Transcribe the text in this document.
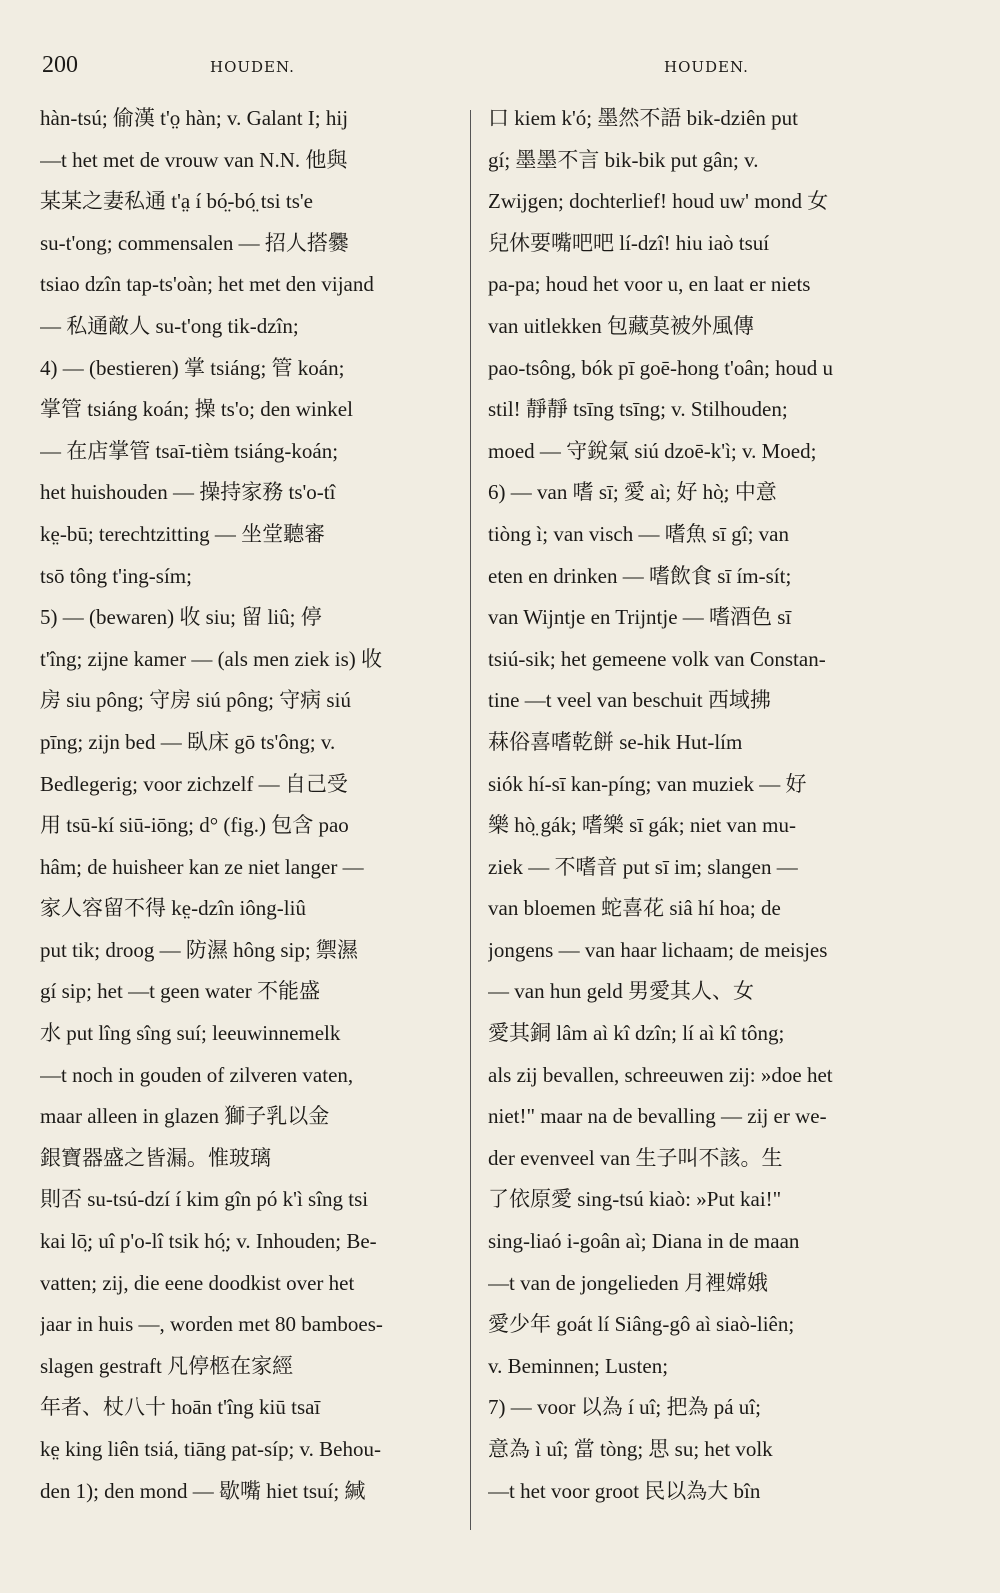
200	HOUDEN.	HOUDEN.
hàn-tsú; 偷漢 t'o̤ hàn; v. Galant I; hij
—t het met de vrouw van N.N. 他與
某某之妻私通 t'a̤ í bó̤-bó̤ tsi ts'e
su-t'ong; commensalen — 招人搭爨
tsiao dzîn tap-ts'oàn; het met den vijand
— 私通敵人 su-t'ong tik-dzîn;
4) — (bestieren) 掌 tsiáng; 管 koán;
掌管 tsiáng koán; 操 ts'o; den winkel
— 在店掌管 tsaī-tièm tsiáng-koán;
het huishouden — 操持家務 ts'o-tî
ke̤-bū; terechtzitting — 坐堂聽審
tsō tông t'ing-sím;
5) — (bewaren) 收 siu; 留 liû; 停
t'îng; zijne kamer — (als men ziek is) 收
房 siu pông; 守房 siú pông; 守病 siú
pīng; zijn bed — 臥床 gō ts'ông; v.
Bedlegerig; voor zichzelf — 自己受
用 tsū-kí siū-iōng; d° (fig.) 包含 pao
hâm; de huisheer kan ze niet langer —
家人容留不得 ke̤-dzîn iông-liû
put tik; droog — 防濕 hông sip; 禦濕
gí sip; het —t geen water 不能盛
水 put lîng sîng suí; leeuwinnemelk
—t noch in gouden of zilveren vaten,
maar alleen in glazen 獅子乳以金
銀寶器盛之皆漏。惟玻璃
則否 su-tsú-dzí í kim gîn pó k'ì sîng tsi
kai lō̤; uî p'o-lî tsik hó̤; v. Inhouden; Be-
vatten; zij, die eene doodkist over het
jaar in huis —, worden met 80 bamboes-
slagen gestraft 凡停柩在家經
年者、杖八十 hoān t'îng kiū tsaī
ke̤ king liên tsiá, tiāng pat-síp; v. Behou-
den 1); den mond — 歇嘴 hiet tsuí; 緘
口 kiem k'ó; 墨然不語 bik-dziên put
gí; 墨墨不言 bik-bik put gân; v.
Zwijgen; dochterlief! houd uw' mond 女
兒休要嘴吧吧 lí-dzî! hiu iaò tsuí
pa-pa; houd het voor u, en laat er niets
van uitlekken 包藏莫被外風傳
pao-tsông, bók pī goē-hong t'oân; houd u
stil! 靜靜 tsīng tsīng; v. Stilhouden;
moed — 守銳氣 siú dzoē-k'ì; v. Moed;
6) — van 嗜 sī; 愛 aì; 好 hò̤; 中意
tiòng ì; van visch — 嗜魚 sī gî; van
eten en drinken — 嗜飲食 sī ím-sít;
van Wijntje en Trijntje — 嗜酒色 sī
tsiú-sik; het gemeene volk van Constan-
tine —t veel van beschuit 西域拂
菻俗喜嗜乾餅 se-hik Hut-lím
siók hí-sī kan-píng; van muziek — 好
樂 hò̤ gák; 嗜樂 sī gák; niet van mu-
ziek — 不嗜音 put sī im; slangen —
van bloemen 蛇喜花 siâ hí hoa; de
jongens — van haar lichaam; de meisjes
— van hun geld 男愛其人、女
愛其銅 lâm aì kî dzîn; lí aì kî tông;
als zij bevallen, schreeuwen zij: »doe het
niet!" maar na de bevalling — zij er we-
der evenveel van 生子叫不該。生
了依原愛 sing-tsú kiaò: »Put kai!"
sing-liaó i-goân aì; Diana in de maan
—t van de jongelieden 月裡嫦娥
愛少年 goát lí Siâng-gô aì siaò-liên;
v. Beminnen; Lusten;
7) — voor 以為 í uî; 把為 pá uî;
意為 ì uî; 當 tòng; 思 su; het volk
—t het voor groot 民以為大 bîn
